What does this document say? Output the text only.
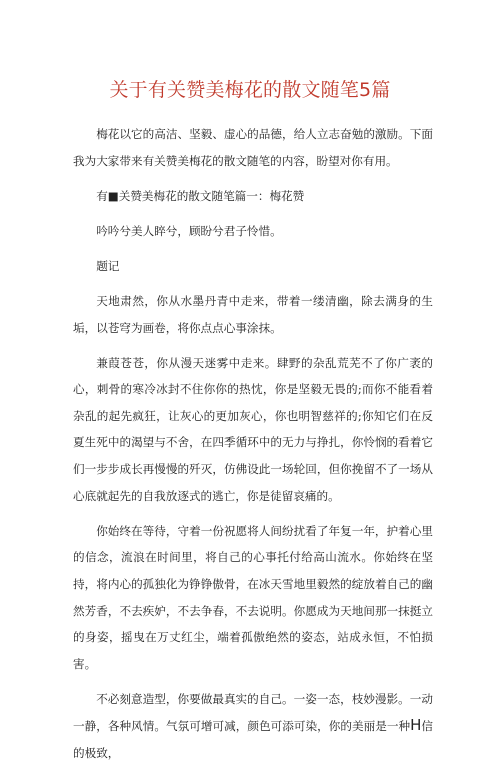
关于有关赞美梅花的散文随笔5篇

梅花以它的高洁、坚毅、虚心的品德，给人立志奋勉的激励。下面我为大家带来有关赞美梅花的散文随笔的内容，盼望对你有用。

有■关赞美梅花的散文随笔篇一：梅花赞

吟吟兮美人睟兮，顾盼兮君子怜惜。

题记

天地肃然，你从水墨丹青中走来，带着一缕清幽，除去满身的生垢，以苍穹为画卷，将你点点心事涂抹。

兼葭苍苍，你从漫天迷雾中走来。肆野的杂乱荒芜不了你广袤的心，刺骨的寒冷冰封不住你你的热忱，你是坚毅无畏的;而你不能看着杂乱的起先疯狂，让灰心的更加灰心，你也明智慈祥的;你知它们在反夏生死中的渴望与不舍，在四季循环中的无力与挣扎，你怜悯的看着它们一步步成长再慢慢的歼灭，仿佛设此一场轮回，但你挽留不了一场从心底就起先的自我放逐式的逃亡，你是徒留哀痛的。

你始终在等待，守着一份祝愿将人间纷扰看了年复一年，护着心里的信念，流浪在时间里，将自己的心事托付给高山流水。你始终在坚持，将内心的孤独化为铮铮傲骨，在冰天雪地里毅然的绽放着自己的幽然芳香，不去疾妒，不去争春，不去说明。你愿成为天地间那一抹挺立的身姿，摇曳在万丈红尘，端着孤傲绝然的姿态，站成永恒，不怕损害。

不必刻意造型，你要做最真实的自己。一姿一态，枝妙漫影。一动一静，各种风情。气氛可增可减，颜色可添可染，你的美丽是一种H信的极致，
